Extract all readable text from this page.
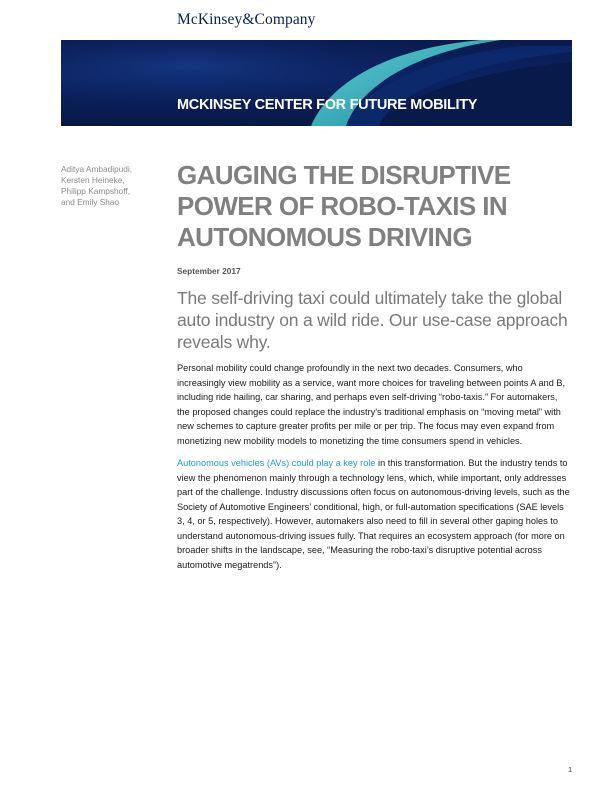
McKinsey&Company
MCKINSEY CENTER FOR FUTURE MOBILITY
Aditya Ambadipudi,
Kersten Heineke,
Philipp Kampshoff,
and Emily Shao
GAUGING THE DISRUPTIVE POWER OF ROBO-TAXIS IN AUTONOMOUS DRIVING
September 2017
The self-driving taxi could ultimately take the global auto industry on a wild ride. Our use-case approach reveals why.

Personal mobility could change profoundly in the next two decades. Consumers, who increasingly view mobility as a service, want more choices for traveling between points A and B, including ride hailing, car sharing, and perhaps even self-driving “robo-taxis.” For automakers, the proposed changes could replace the industry’s traditional emphasis on “moving metal” with new schemes to capture greater profits per mile or per trip. The focus may even expand from monetizing new mobility models to monetizing the time consumers spend in vehicles.

Autonomous vehicles (AVs) could play a key role in this transformation. But the industry tends to view the phenomenon mainly through a technology lens, which, while important, only addresses part of the challenge. Industry discussions often focus on autonomous-driving levels, such as the Society of Automotive Engineers’ conditional, high, or full-automation specifications (SAE levels 3, 4, or 5, respectively). However, automakers also need to fill in several other gaping holes to understand autonomous-driving issues fully. That requires an ecosystem approach (for more on broader shifts in the landscape, see, “Measuring the robo-taxi’s disruptive potential across automotive megatrends”).

1
